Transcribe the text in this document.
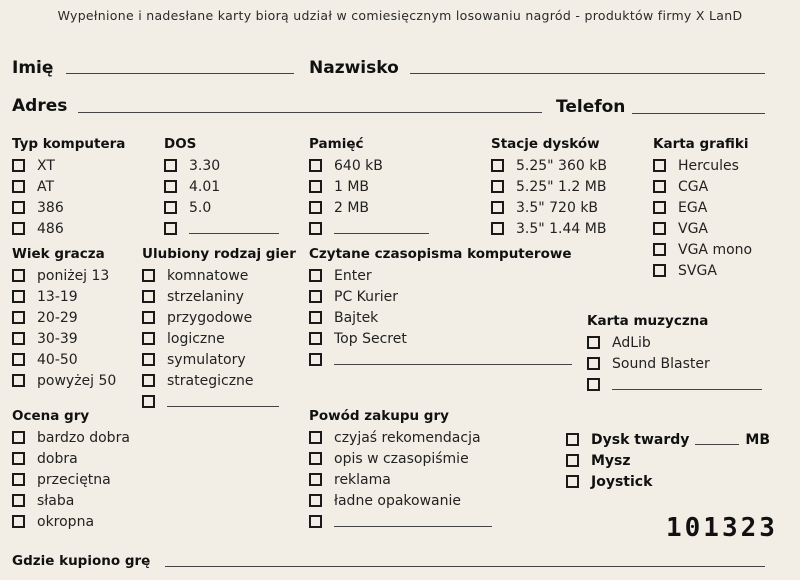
Wypełnione i nadesłane karty biorą udział w comiesięcznym losowaniu nagród - produktów firmy X LanD
Imię	Nazwisko
Adres	Telefon
Typ komputera
XT
AT
386
486
DOS
3.30
4.01
5.0
Pamięć
640 kB
1 MB
2 MB
Stacje dysków
5.25" 360 kB
5.25" 1.2 MB
3.5" 720 kB
3.5" 1.44 MB
Karta grafiki
Hercules
CGA
EGA
VGA
VGA mono
SVGA
Wiek gracza
poniżej 13
13-19
20-29
30-39
40-50
powyżej 50
Ulubiony rodzaj gier
komnatowe
strzelaniny
przygodowe
logiczne
symulatory
strategiczne
Czytane czasopisma komputerowe
Enter
PC Kurier
Bajtek
Top Secret
Karta muzyczna
AdLib
Sound Blaster
Ocena gry
bardzo dobra
dobra
przeciętna
słaba
okropna
Powód zakupu gry
czyjaś rekomendacja
opis w czasopiśmie
reklama
ładne opakowanie
Dysk twardy	MB
Mysz
Joystick
101323
Gdzie kupiono grę
